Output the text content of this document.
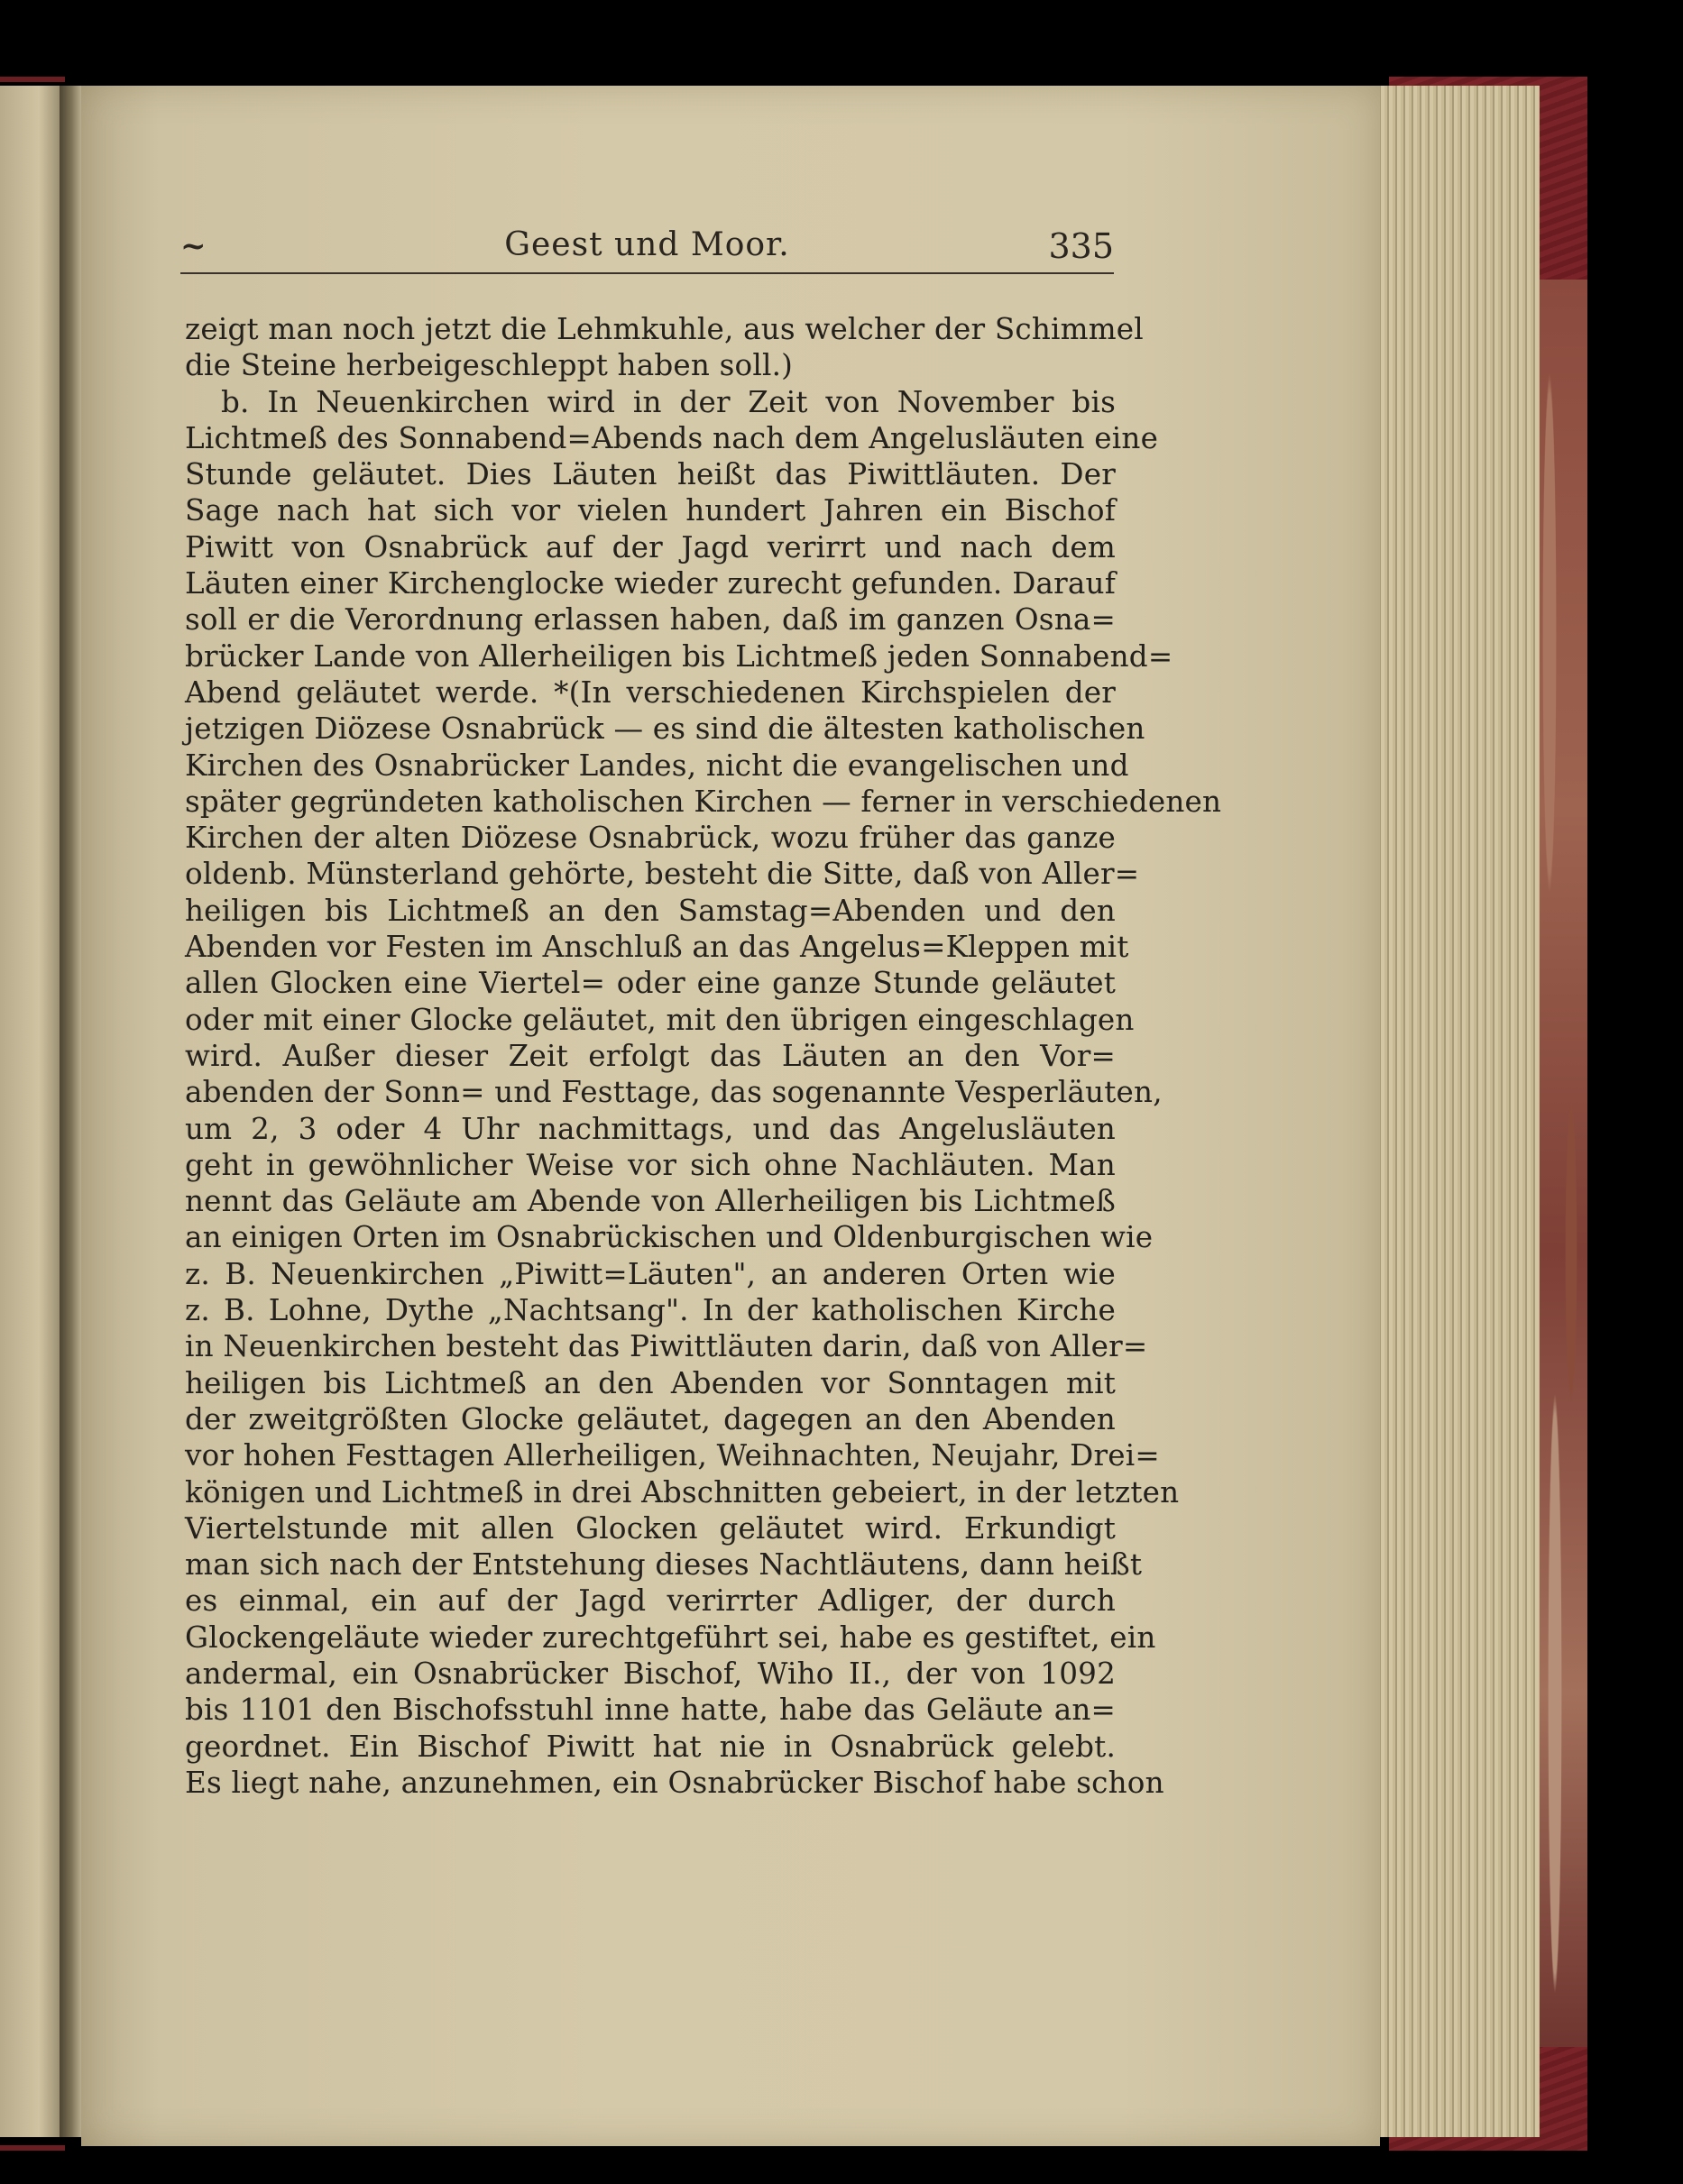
~	Geest und Moor.	335
zeigt man noch jetzt die Lehmkuhle, aus welcher der Schimmel
die Steine herbeigeschleppt haben soll.)
b. In Neuenkirchen wird in der Zeit von November bis
Lichtmeß des Sonnabend=Abends nach dem Angelusläuten eine
Stunde geläutet. Dies Läuten heißt das Piwittläuten. Der
Sage nach hat sich vor vielen hundert Jahren ein Bischof
Piwitt von Osnabrück auf der Jagd verirrt und nach dem
Läuten einer Kirchenglocke wieder zurecht gefunden. Darauf
soll er die Verordnung erlassen haben, daß im ganzen Osna=
brücker Lande von Allerheiligen bis Lichtmeß jeden Sonnabend=
Abend geläutet werde. *(In verschiedenen Kirchspielen der
jetzigen Diözese Osnabrück — es sind die ältesten katholischen
Kirchen des Osnabrücker Landes, nicht die evangelischen und
später gegründeten katholischen Kirchen — ferner in verschiedenen
Kirchen der alten Diözese Osnabrück, wozu früher das ganze
oldenb. Münsterland gehörte, besteht die Sitte, daß von Aller=
heiligen bis Lichtmeß an den Samstag=Abenden und den
Abenden vor Festen im Anschluß an das Angelus=Kleppen mit
allen Glocken eine Viertel= oder eine ganze Stunde geläutet
oder mit einer Glocke geläutet, mit den übrigen eingeschlagen
wird. Außer dieser Zeit erfolgt das Läuten an den Vor=
abenden der Sonn= und Festtage, das sogenannte Vesperläuten,
um 2, 3 oder 4 Uhr nachmittags, und das Angelusläuten
geht in gewöhnlicher Weise vor sich ohne Nachläuten. Man
nennt das Geläute am Abende von Allerheiligen bis Lichtmeß
an einigen Orten im Osnabrückischen und Oldenburgischen wie
z. B. Neuenkirchen „Piwitt=Läuten", an anderen Orten wie
z. B. Lohne, Dythe „Nachtsang". In der katholischen Kirche
in Neuenkirchen besteht das Piwittläuten darin, daß von Aller=
heiligen bis Lichtmeß an den Abenden vor Sonntagen mit
der zweitgrößten Glocke geläutet, dagegen an den Abenden
vor hohen Festtagen Allerheiligen, Weihnachten, Neujahr, Drei=
königen und Lichtmeß in drei Abschnitten gebeiert, in der letzten
Viertelstunde mit allen Glocken geläutet wird. Erkundigt
man sich nach der Entstehung dieses Nachtläutens, dann heißt
es einmal, ein auf der Jagd verirrter Adliger, der durch
Glockengeläute wieder zurechtgeführt sei, habe es gestiftet, ein
andermal, ein Osnabrücker Bischof, Wiho II., der von 1092
bis 1101 den Bischofsstuhl inne hatte, habe das Geläute an=
geordnet. Ein Bischof Piwitt hat nie in Osnabrück gelebt.
Es liegt nahe, anzunehmen, ein Osnabrücker Bischof habe schon
